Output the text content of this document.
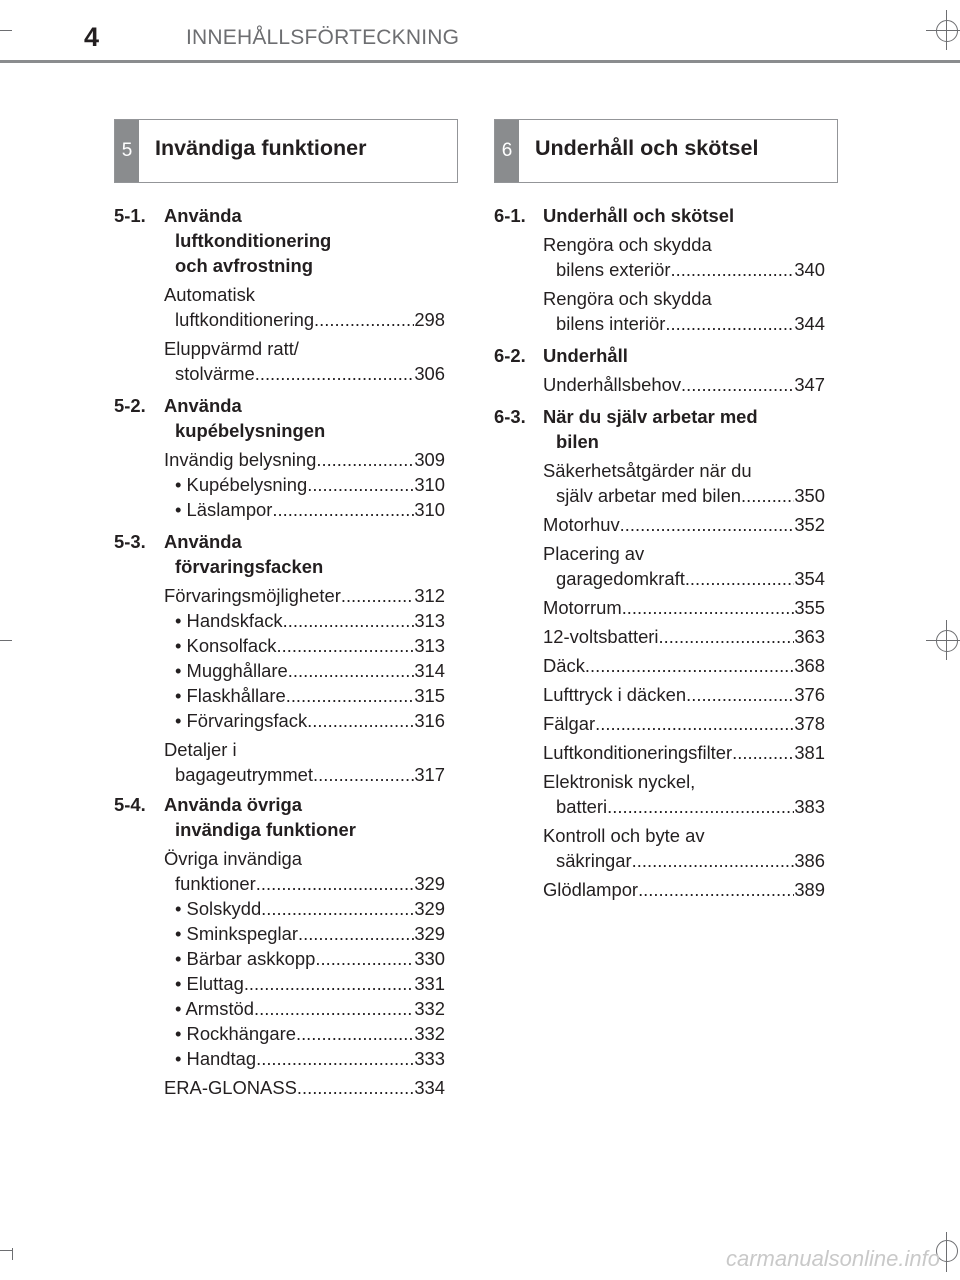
4	INNEHÅLLSFÖRTECKNING
5	Invändiga funktioner	6	Underhåll och skötsel
5-1. Använda
luftkonditionering
och avfrostning
Automatisk
luftkonditionering .....	298
Eluppvärmd ratt/
stolvärme .....	306
5-2. Använda
kupébelysningen
Invändig belysning .....	309
• Kupébelysning .....	310
• Läslampor .....	310
5-3. Använda
förvaringsfacken
Förvaringsmöjligheter .....	312
• Handskfack .....	313
• Konsolfack .....	313
• Mugghållare .....	314
• Flaskhållare .....	315
• Förvaringsfack .....	316
Detaljer i
bagageutrymmet .....	317
5-4. Använda övriga
invändiga funktioner
Övriga invändiga
funktioner .....	329
• Solskydd .....	329
• Sminkspeglar .....	329
• Bärbar askkopp .....	330
• Eluttag .....	331
• Armstöd .....	332
• Rockhängare .....	332
• Handtag .....	333
ERA-GLONASS .....	334
6-1. Underhåll och skötsel
Rengöra och skydda
bilens exteriör .....	340
Rengöra och skydda
bilens interiör .....	344
6-2. Underhåll
Underhållsbehov .....	347
6-3. När du själv arbetar med
bilen
Säkerhetsåtgärder när du
själv arbetar med bilen .....	350
Motorhuv .....	352
Placering av
garagedomkraft .....	354
Motorrum .....	355
12-voltsbatteri .....	363
Däck .....	368
Lufttryck i däcken .....	376
Fälgar .....	378
Luftkonditioneringsfilter .....	381
Elektronisk nyckel,
batteri .....	383
Kontroll och byte av
säkringar .....	386
Glödlampor .....	389
carmanualsonline.info
